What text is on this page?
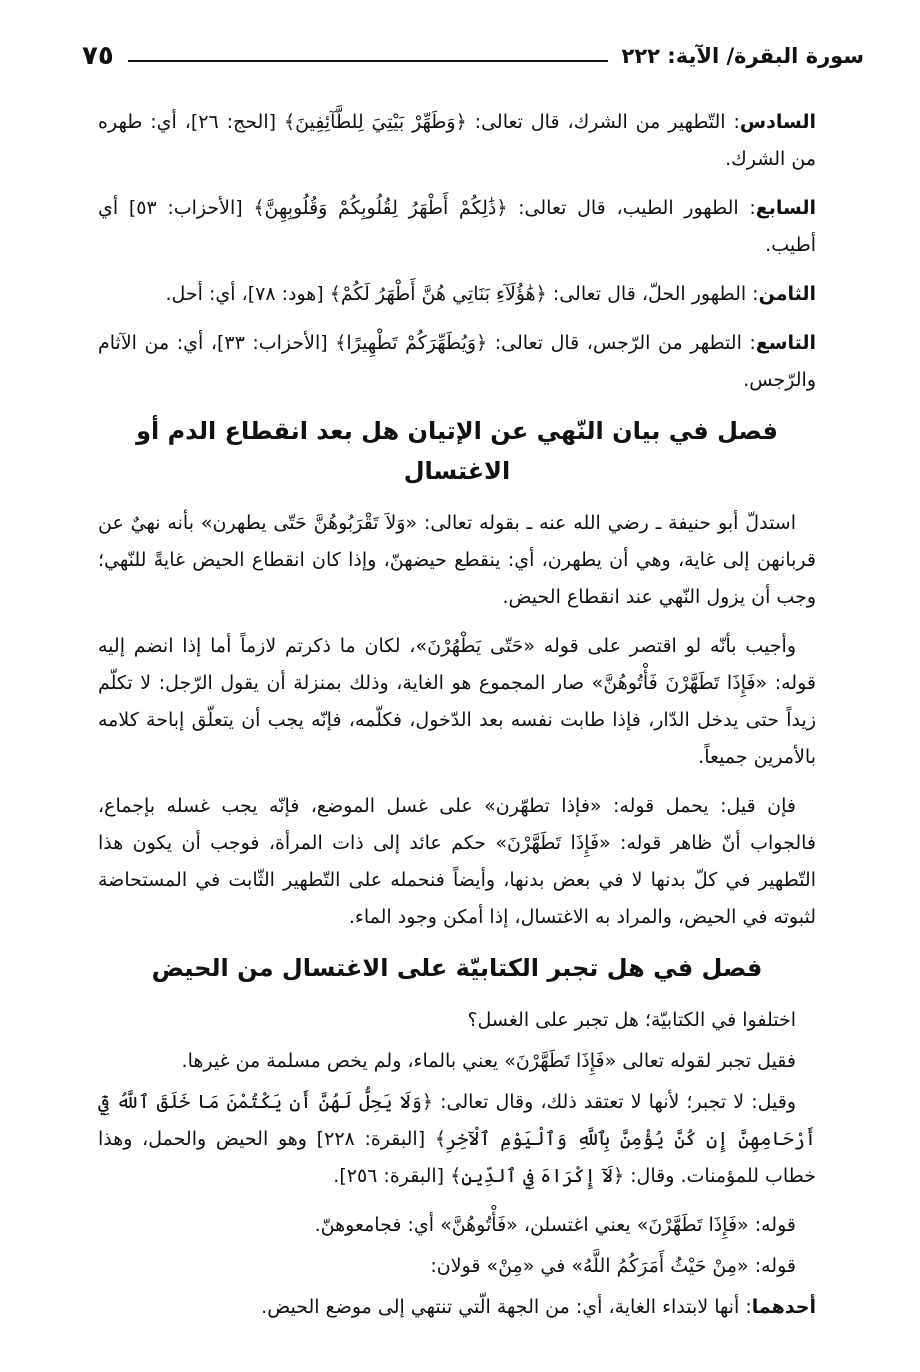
سورة البقرة/ الآية: ٢٢٢
٧٥

السادس: التّطهير من الشرك، قال تعالى: ﴿وَطَهِّرْ بَيْتِيَ لِلطَّآئِفِينَ﴾ [الحج: ٢٦]، أي: طهره من الشرك.

السابع: الطهور الطيب، قال تعالى: ﴿ذَٰلِكُمْ أَطْهَرُ لِقُلُوبِكُمْ وَقُلُوبِهِنَّ﴾ [الأحزاب: ٥٣] أي أطيب.

الثامن: الطهور الحلّ، قال تعالى: ﴿هَٰؤُلَآءِ بَنَاتِي هُنَّ أَطْهَرُ لَكُمْ﴾ [هود: ٧٨]، أي: أحل.

التاسع: التطهر من الرّجس، قال تعالى: ﴿وَيُطَهِّرَكُمْ تَطْهِيرًا﴾ [الأحزاب: ٣٣]، أي: من الآثام والرّجس.

فصل في بيان النّهي عن الإتيان هل بعد انقطاع الدم أو الاغتسال

استدلّ أبو حنيفة ـ رضي الله عنه ـ بقوله تعالى: «وَلاَ تَقْرَبُوهُنَّ حَتّى يطهرن» بأنه نهيٌ عن قربانهن إلى غاية، وهي أن يطهرن، أي: ينقطع حيضهنّ، وإذا كان انقطاع الحيض غايةً للنّهي؛ وجب أن يزول النّهي عند انقطاع الحيض.

وأجيب بأنّه لو اقتصر على قوله «حَتّى يَطْهُرْنَ»، لكان ما ذكرتم لازماً أما إذا انضم إليه قوله: «فَإِذَا تَطَهَّرْنَ فَأْتُوهُنَّ» صار المجموع هو الغاية، وذلك بمنزلة أن يقول الرّجل: لا تكلّم زيداً حتى يدخل الدّار، فإذا طابت نفسه بعد الدّخول، فكلّمه، فإنّه يجب أن يتعلّق إباحة كلامه بالأمرين جميعاً.

فإن قيل: يحمل قوله: «فإذا تطهّرن» على غسل الموضع، فإنّه يجب غسله بإجماع، فالجواب أنّ ظاهر قوله: «فَإِذَا تَطَهَّرْنَ» حكم عائد إلى ذات المرأة، فوجب أن يكون هذا التّطهير في كلّ بدنها لا في بعض بدنها، وأيضاً فنحمله على التّطهير الثّابت في المستحاضة لثبوته في الحيض، والمراد به الاغتسال، إذا أمكن وجود الماء.

فصل في هل تجبر الكتابيّة على الاغتسال من الحيض

اختلفوا في الكتابيّة؛ هل تجبر على الغسل؟

فقيل تجبر لقوله تعالى «فَإِذَا تَطَهَّرْنَ» يعني بالماء، ولم يخص مسلمة من غيرها.

وقيل: لا تجبر؛ لأنها لا تعتقد ذلك، وقال تعالى: ﴿وَلَا يَحِلُّ لَهُنَّ أَن يَكْتُمْنَ مَا خَلَقَ ٱللَّهُ فِيٓ أَرْحَامِهِنَّ إِن كُنَّ يُؤْمِنَّ بِٱللَّهِ وَٱلْيَوْمِ ٱلْآخِرِ﴾ [البقرة: ٢٢٨] وهو الحيض والحمل، وهذا خطاب للمؤمنات. وقال: ﴿لَآ إِكْرَاهَ فِي ٱلدِّينِ﴾ [البقرة: ٢٥٦].

قوله: «فَإِذَا تَطَهَّرْنَ» يعني اغتسلن، «فَأْتُوهُنَّ» أي: فجامعوهنّ.

قوله: «مِنْ حَيْثُ أَمَرَكُمُ اللَّهُ» في «مِنْ» قولان:

أحدهما: أنها لابتداء الغاية، أي: من الجهة الّتي تنتهي إلى موضع الحيض.
